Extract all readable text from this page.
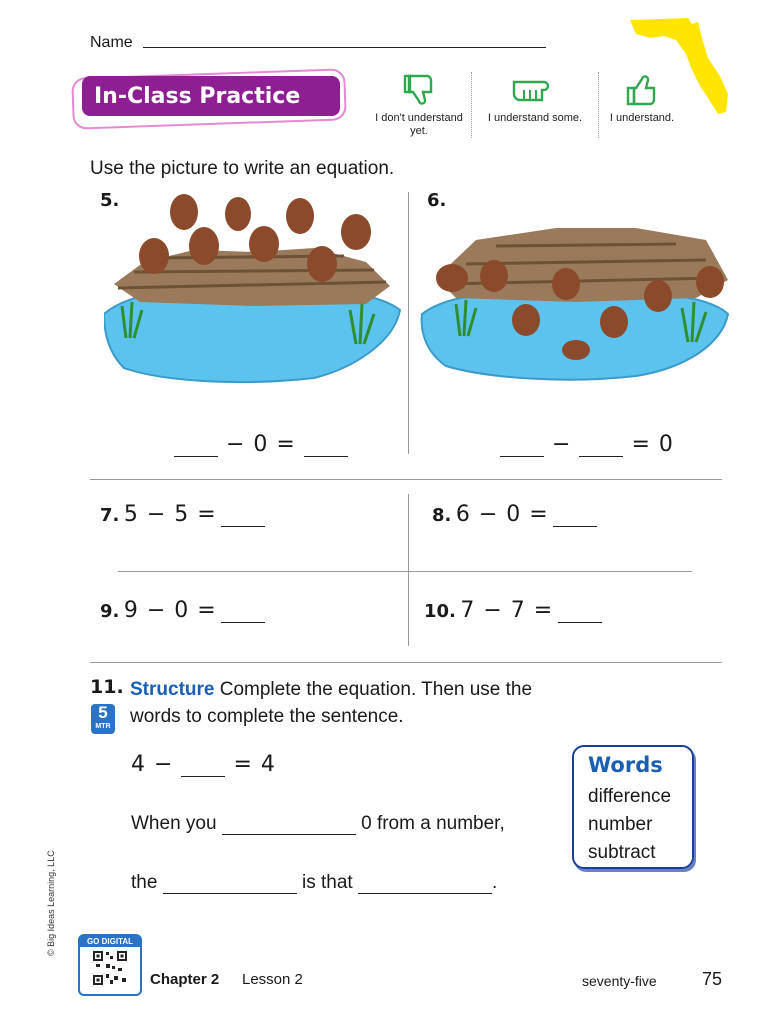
Name
In-Class Practice
I don't understand yet.
I understand some.	I understand.
Use the picture to write an equation.
5.	6.
− 0 =	−	= 0
7. 5 − 5 =	8. 6 − 0 =
9. 9 − 0 =	10. 7 − 7 =
11. Structure Complete the equation. Then use the words to complete the sentence.
5
MTR
4 −	= 4
When you	0 from a number,
the	is that	.
Words
difference
number
subtract
© Big Ideas Learning, LLC	GO DIGITAL
Chapter 2 Lesson 2	seventy-five	75
